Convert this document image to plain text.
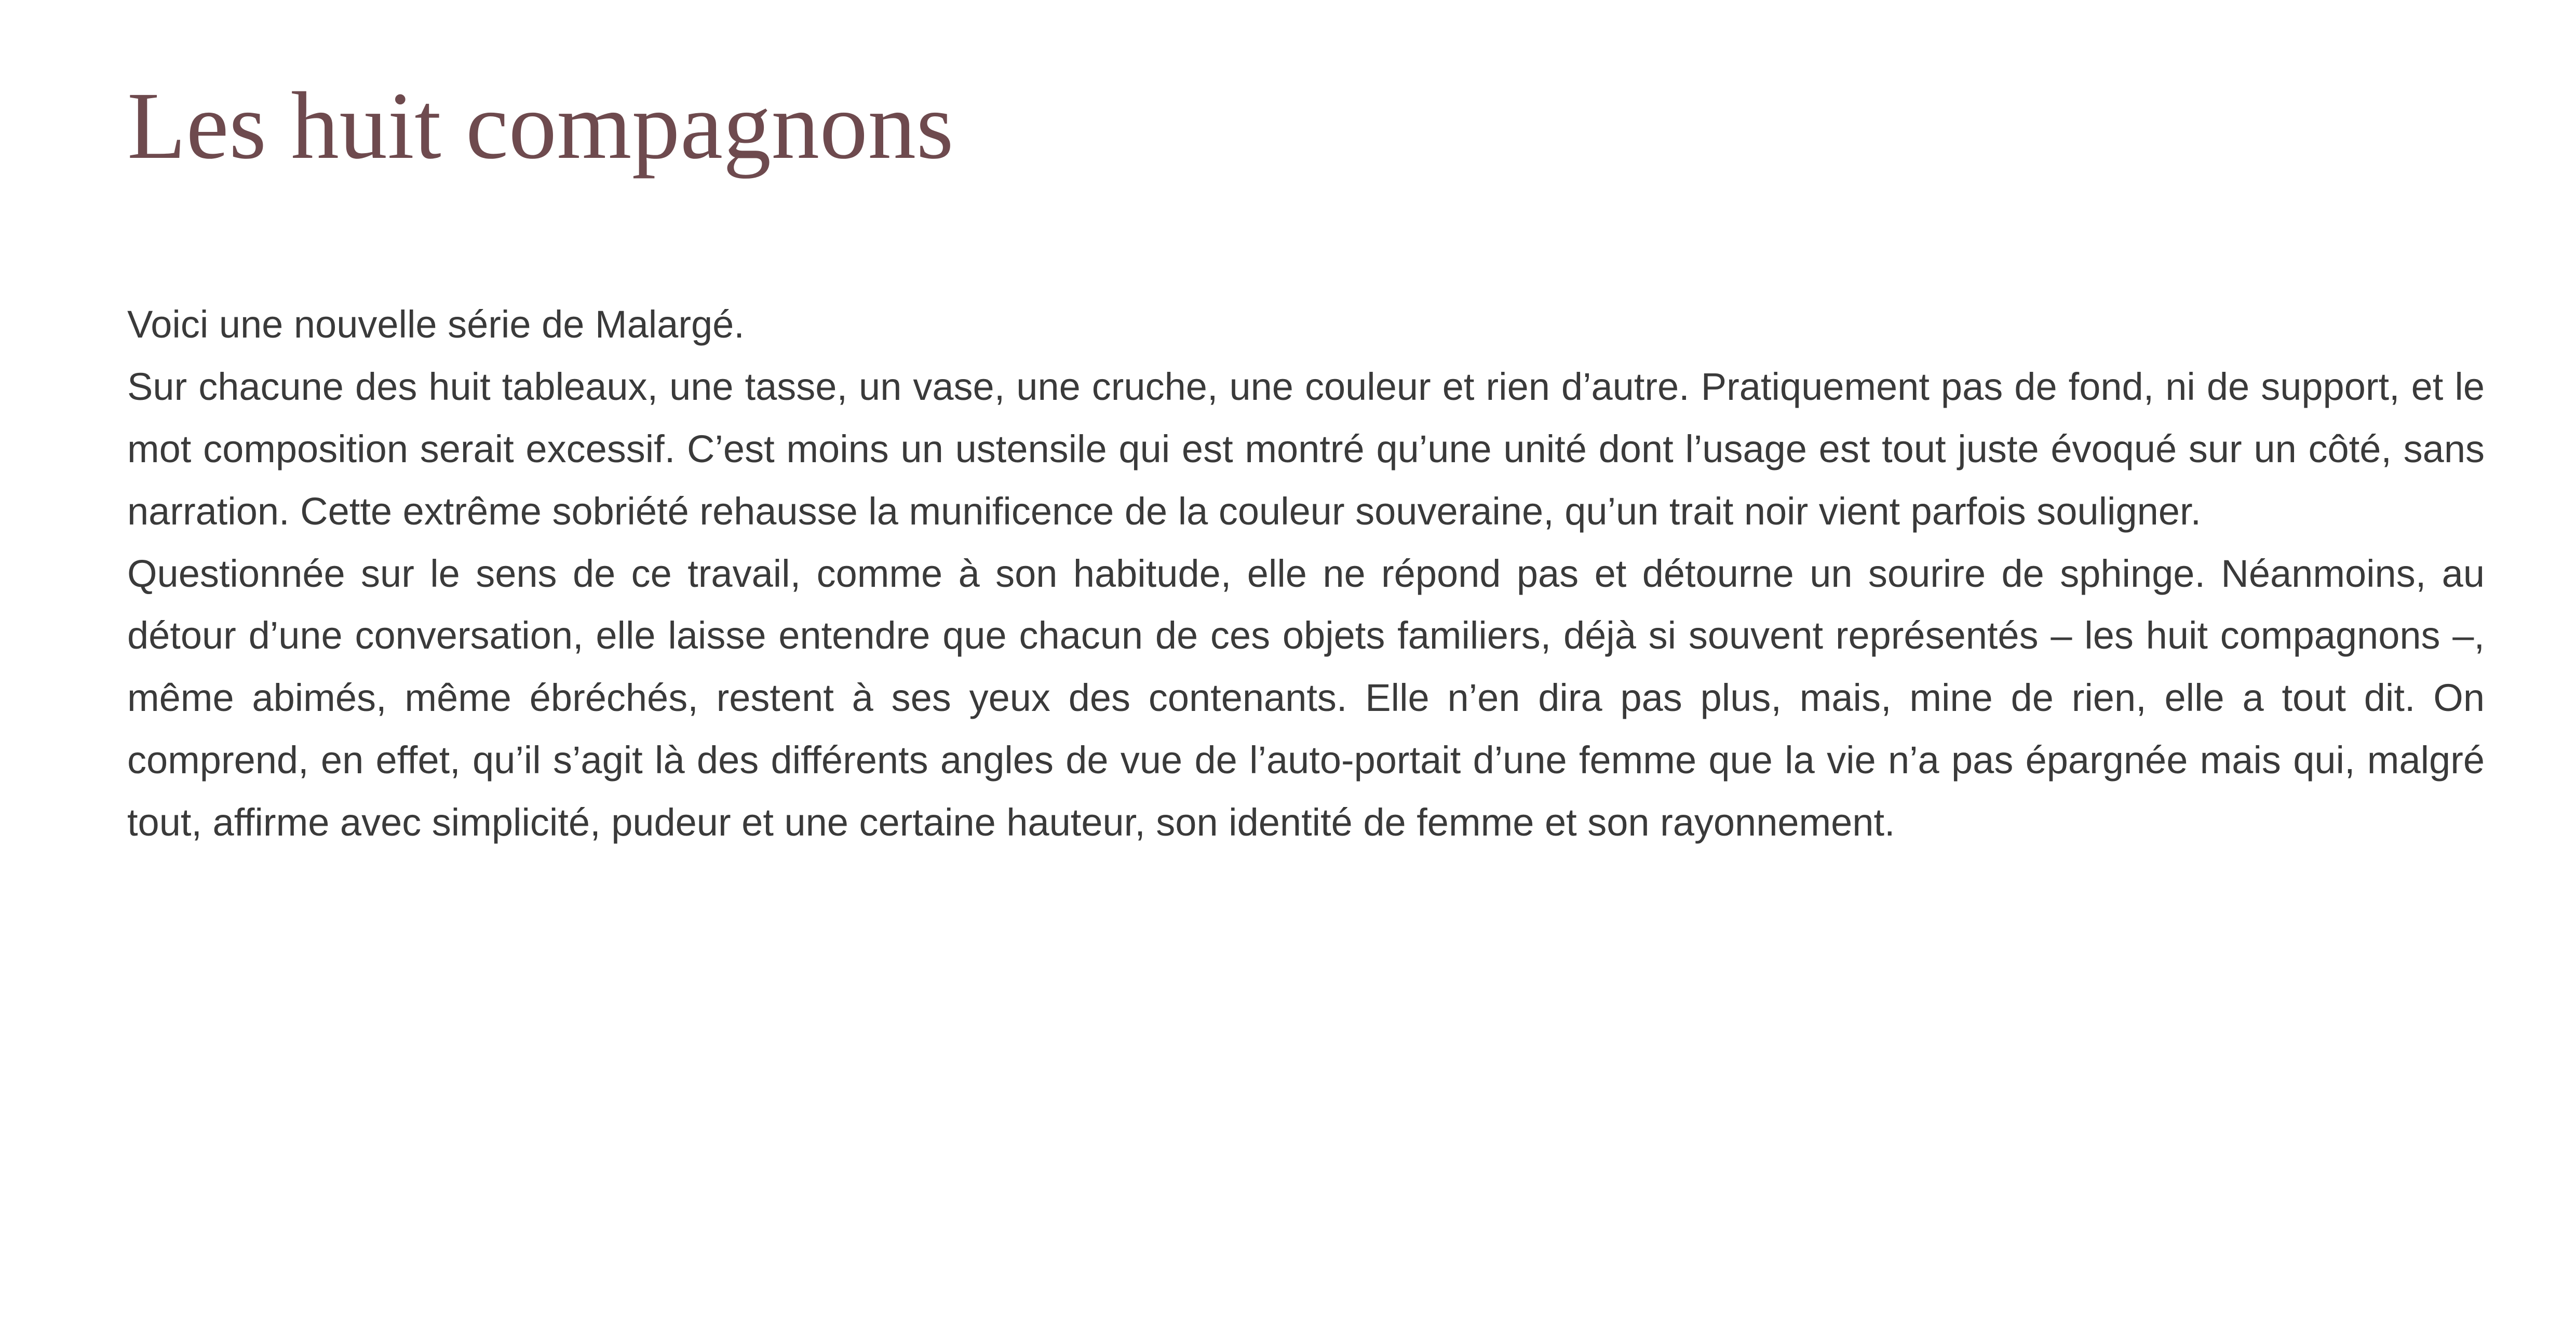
Les huit compagnons

Voici une nouvelle série de Malargé.

Sur chacune des huit tableaux, une tasse, un vase, une cruche, une couleur et rien d’autre. Pratiquement pas de fond, ni de support, et le mot composition serait excessif. C’est moins un ustensile qui est montré qu’une unité dont l’usage est tout juste évoqué sur un côté, sans narration. Cette extrême sobriété rehausse la munificence de la couleur souveraine, qu’un trait noir vient parfois souligner.

Questionnée sur le sens de ce travail, comme à son habitude, elle ne répond pas et détourne un sourire de sphinge. Néanmoins, au détour d’une conversation, elle laisse entendre que chacun de ces objets familiers, déjà si souvent représentés – les huit compagnons –, même abimés, même ébréchés, restent à ses yeux des contenants. Elle n’en dira pas plus, mais, mine de rien, elle a tout dit. On comprend, en effet, qu’il s’agit là des différents angles de vue de l’auto-portait d’une femme que la vie n’a pas épargnée mais qui, malgré tout, affirme avec simplicité, pudeur et une certaine hauteur, son identité de femme et son rayonnement.
